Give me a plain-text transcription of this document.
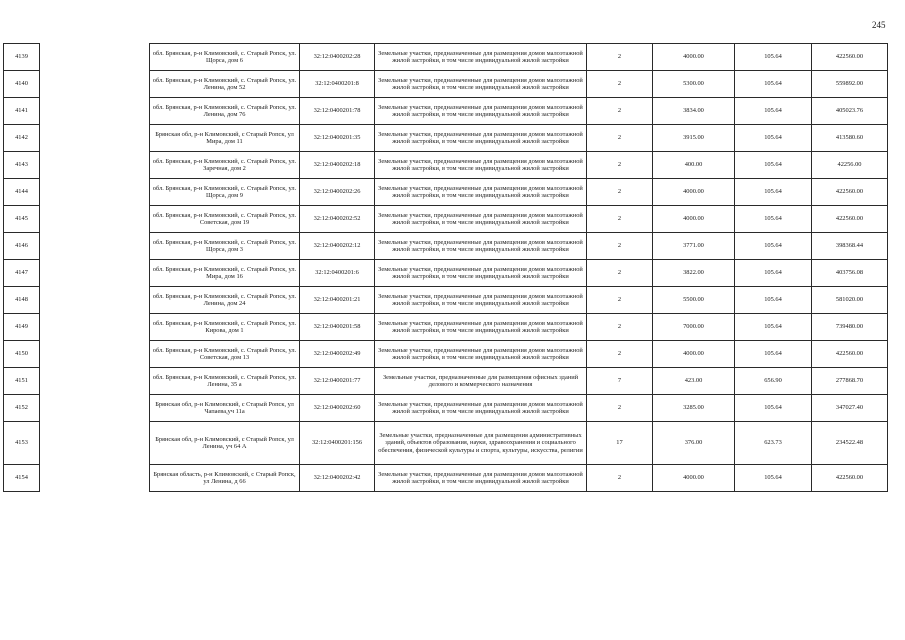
245
4139		обл. Брянская, р-н Климовский, с. Старый Ропск, ул. Щорса, дом 6	32:12:0400202:28	Земельные участки, предназначенные для размещения домов малоэтажной жилой застройки, в том числе индивидуальной жилой застройки	2	4000.00	105.64	422560.00
4140		обл. Брянская, р-н Климовский, с. Старый Ропск, ул. Ленина, дом 52	32:12:0400201:8	Земельные участки, предназначенные для размещения домов малоэтажной жилой застройки, в том числе индивидуальной жилой застройки	2	5300.00	105.64	559892.00
4141		обл. Брянская, р-н Климовский, с. Старый Ропск, ул. Ленина, дом 76	32:12:0400201:78	Земельные участки, предназначенные для размещения домов малоэтажной жилой застройки, в том числе индивидуальной жилой застройки	2	3834.00	105.64	405023.76
4142		Брянская обл, р-н Климовский, с Старый Ропск, ул Мира, дом 11	32:12:0400201:35	Земельные участки, предназначенные для размещения домов малоэтажной жилой застройки, в том числе индивидуальной жилой застройки	2	3915.00	105.64	413580.60
4143		обл. Брянская, р-н Климовский, с. Старый Ропск, ул. Заречная, дом 2	32:12:0400202:18	Земельные участки, предназначенные для размещения домов малоэтажной жилой застройки, в том числе индивидуальной жилой застройки	2	400.00	105.64	42256.00
4144		обл. Брянская, р-н Климовский, с. Старый Ропск, ул. Щорса, дом 9	32:12:0400202:26	Земельные участки, предназначенные для размещения домов малоэтажной жилой застройки, в том числе индивидуальной жилой застройки	2	4000.00	105.64	422560.00
4145		обл. Брянская, р-н Климовский, с. Старый Ропск, ул. Советская, дом 19	32:12:0400202:52	Земельные участки, предназначенные для размещения домов малоэтажной жилой застройки, в том числе индивидуальной жилой застройки	2	4000.00	105.64	422560.00
4146		обл. Брянская, р-н Климовский, с. Старый Ропск, ул. Щорса, дом 3	32:12:0400202:12	Земельные участки, предназначенные для размещения домов малоэтажной жилой застройки, в том числе индивидуальной жилой застройки	2	3771.00	105.64	398368.44
4147		обл. Брянская, р-н Климовский, с. Старый Ропск, ул. Мира, дом 16	32:12:0400201:6	Земельные участки, предназначенные для размещения домов малоэтажной жилой застройки, в том числе индивидуальной жилой застройки	2	3822.00	105.64	403756.08
4148		обл. Брянская, р-н Климовский, с. Старый Ропск, ул. Ленина, дом 24	32:12:0400201:21	Земельные участки, предназначенные для размещения домов малоэтажной жилой застройки, в том числе индивидуальной жилой застройки	2	5500.00	105.64	581020.00
4149		обл. Брянская, р-н Климовский, с. Старый Ропск, ул. Кирова, дом 1	32:12:0400201:58	Земельные участки, предназначенные для размещения домов малоэтажной жилой застройки, в том числе индивидуальной жилой застройки	2	7000.00	105.64	739480.00
4150		обл. Брянская, р-н Климовский, с. Старый Ропск, ул. Советская, дом 13	32:12:0400202:49	Земельные участки, предназначенные для размещения домов малоэтажной жилой застройки, в том числе индивидуальной жилой застройки	2	4000.00	105.64	422560.00
4151		обл. Брянская, р-н Климовский, с. Старый Ропск, ул. Ленина, 35 а	32:12:0400201:77	Земельные участки, предназначенные для размещения офисных зданий делового и коммерческого назначения	7	423.00	656.90	277868.70
4152		Брянская обл, р-н Климовский, с Старый Ропск, ул Чапаева,уч 11а	32:12:0400202:60	Земельные участки, предназначенные для размещения домов малоэтажной жилой застройки, в том числе индивидуальной жилой застройки	2	3285.00	105.64	347027.40
4153		Брянская обл, р-н Климовский, с Старый Ропск, ул Ленина, уч 64 А	32:12:0400201:156	Земельные участки, предназначенные для размещения административных зданий, объектов образования, науки, здравоохранения и социального обеспечения, физической культуры и спорта, культуры, искусства, религии	17	376.00	623.73	234522.48
4154		Брянская область, р-н Климовский, с Старый Ропск, ул Ленина, д 66	32:12:0400202:42	Земельные участки, предназначенные для размещения домов малоэтажной жилой застройки, в том числе индивидуальной жилой застройки	2	4000.00	105.64	422560.00
